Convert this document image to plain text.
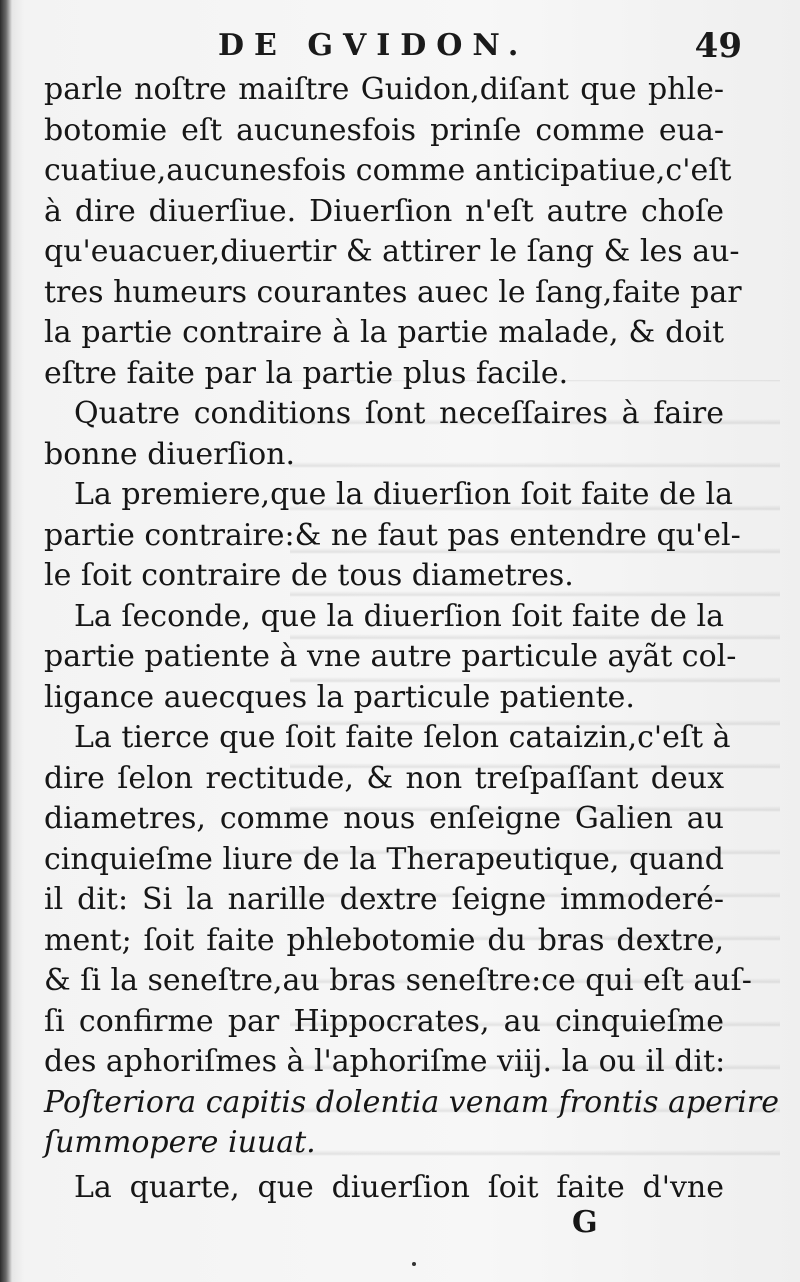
DE GVIDON.	49
parle noſtre maiſtre Guidon,diſant que phle-
botomie eſt aucunesfois prinſe comme eua-
cuatiue,aucunesfois comme anticipatiue,c'eſt
à dire diuerſiue. Diuerſion n'eſt autre choſe
qu'euacuer,diuertir & attirer le ſang & les au-
tres humeurs courantes auec le ſang,faite par
la partie contraire à la partie malade, & doit
eſtre faite par la partie plus facile.
Quatre conditions ſont neceſſaires à faire
bonne diuerſion.
La premiere,que la diuerſion ſoit faite de la
partie contraire:& ne faut pas entendre qu'el-
le ſoit contraire de tous diametres.
La ſeconde, que la diuerſion ſoit faite de la
partie patiente à vne autre particule ayãt col-
ligance auecques la particule patiente.
La tierce que ſoit faite ſelon cataizin,c'eſt à
dire ſelon rectitude, & non treſpaſſant deux
diametres, comme nous enſeigne Galien au
cinquieſme liure de la Therapeutique, quand
il dit: Si la narille dextre ſeigne immoderé-
ment; ſoit faite phlebotomie du bras dextre,
& ſi la seneſtre,au bras seneſtre:ce qui eſt auſ-
ſi confirme par Hippocrates, au cinquieſme
des aphoriſmes à l'aphoriſme viij. la ou il dit:
Poſteriora capitis dolentia venam frontis aperire
ſummopere iuuat.
La quarte, que diuerſion ſoit faite d'vne
G
